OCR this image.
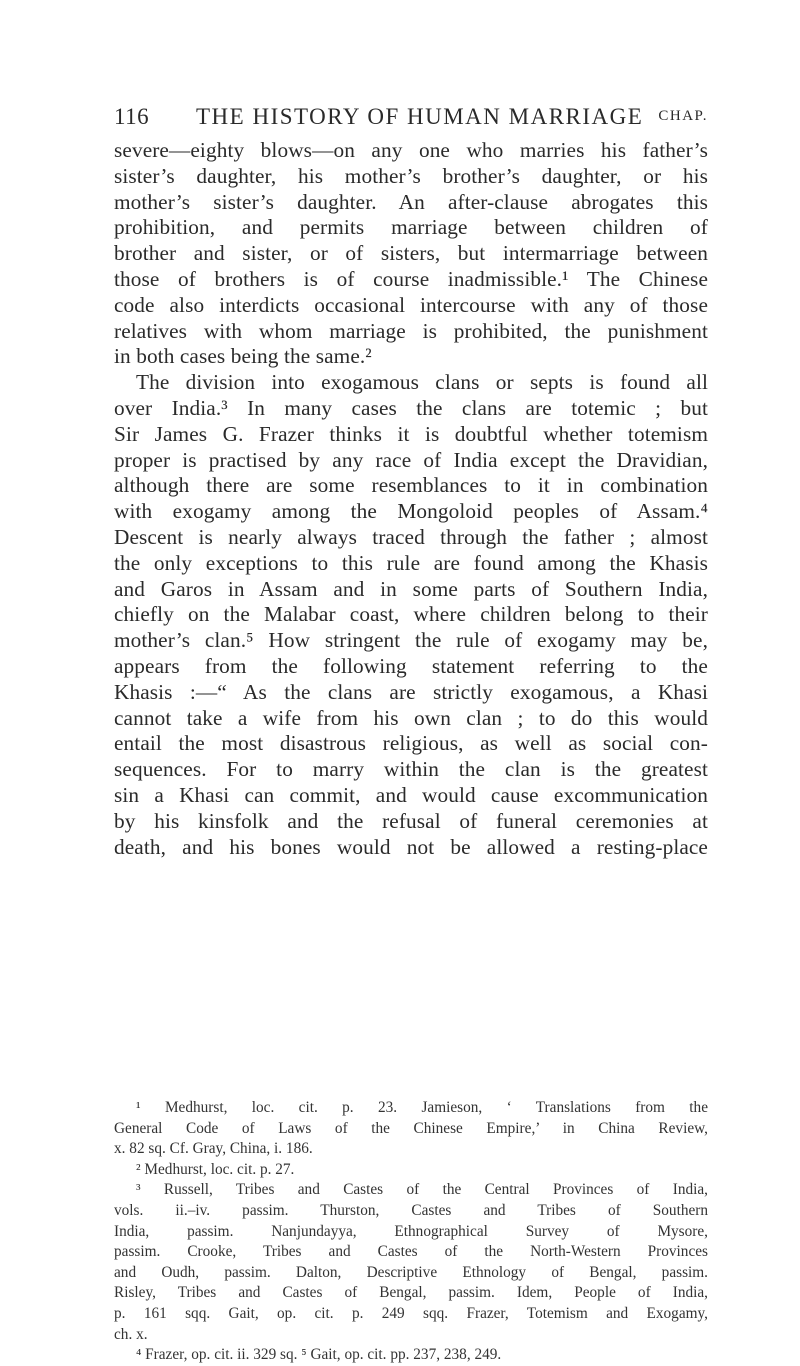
116 THE HISTORY OF HUMAN MARRIAGE CHAP.
severe—eighty blows—on any one who marries his father’s
sister’s daughter, his mother’s brother’s daughter, or his
mother’s sister’s daughter. An after-clause abrogates this
prohibition, and permits marriage between children of
brother and sister, or of sisters, but intermarriage between
those of brothers is of course inadmissible.¹ The Chinese
code also interdicts occasional intercourse with any of those
relatives with whom marriage is prohibited, the punishment
in both cases being the same.²
The division into exogamous clans or septs is found all
over India.³ In many cases the clans are totemic ; but
Sir James G. Frazer thinks it is doubtful whether totemism
proper is practised by any race of India except the Dravidian,
although there are some resemblances to it in combination
with exogamy among the Mongoloid peoples of Assam.⁴
Descent is nearly always traced through the father ; almost
the only exceptions to this rule are found among the Khasis
and Garos in Assam and in some parts of Southern India,
chiefly on the Malabar coast, where children belong to their
mother’s clan.⁵ How stringent the rule of exogamy may be,
appears from the following statement referring to the
Khasis :—“ As the clans are strictly exogamous, a Khasi
cannot take a wife from his own clan ; to do this would
entail the most disastrous religious, as well as social con-
sequences. For to marry within the clan is the greatest
sin a Khasi can commit, and would cause excommunication
by his kinsfolk and the refusal of funeral ceremonies at
death, and his bones would not be allowed a resting-place
¹ Medhurst, loc. cit. p. 23. Jamieson, ‘ Translations from the
General Code of Laws of the Chinese Empire,’ in China Review,
x. 82 sq. Cf. Gray, China, i. 186.
² Medhurst, loc. cit. p. 27.
³ Russell, Tribes and Castes of the Central Provinces of India,
vols. ii.–iv. passim. Thurston, Castes and Tribes of Southern
India, passim. Nanjundayya, Ethnographical Survey of Mysore,
passim. Crooke, Tribes and Castes of the North-Western Provinces
and Oudh, passim. Dalton, Descriptive Ethnology of Bengal, passim.
Risley, Tribes and Castes of Bengal, passim. Idem, People of India,
p. 161 sqq. Gait, op. cit. p. 249 sqq. Frazer, Totemism and Exogamy,
ch. x.
⁴ Frazer, op. cit. ii. 329 sq. ⁵ Gait, op. cit. pp. 237, 238, 249.
